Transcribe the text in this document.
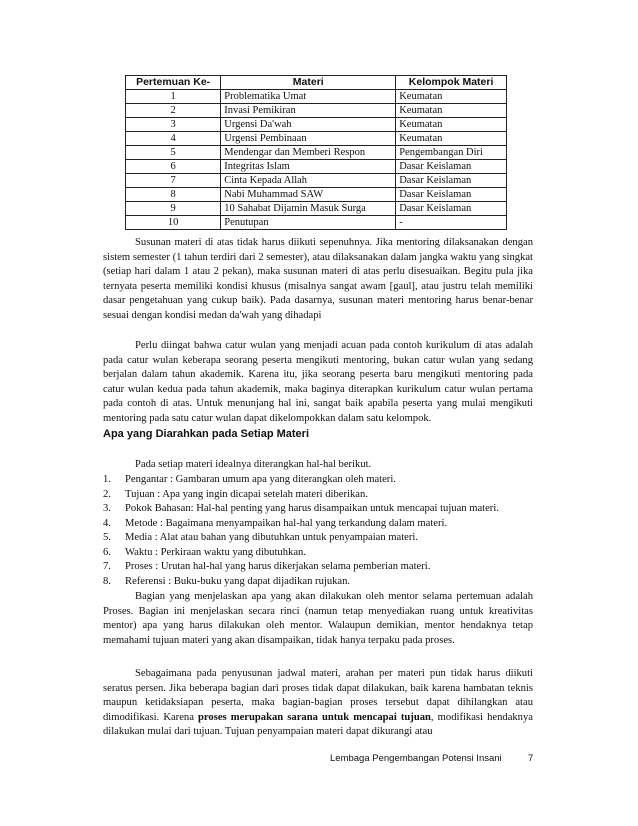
Pertemuan Ke-	Materi	Kelompok Materi
1	Problematika Umat	Keumatan
2	Invasi Pemikiran	Keumatan
3	Urgensi Da'wah	Keumatan
4	Urgensi Pembinaan	Keumatan
5	Mendengar dan Memberi Respon	Pengembangan Diri
6	Integritas Islam	Dasar Keislaman
7	Cinta Kepada Allah	Dasar Keislaman
8	Nabi Muhammad SAW	Dasar Keislaman
9	10 Sahabat Dijamin Masuk Surga	Dasar Keislaman
10	Penutupan	-

Susunan materi di atas tidak harus diikuti sepenuhnya. Jika mentoring dilaksanakan dengan sistem semester (1 tahun terdiri dari 2 semester), atau dilaksanakan dalam jangka waktu yang singkat (setiap hari dalam 1 atau 2 pekan), maka susunan materi di atas perlu disesuaikan. Begitu pula jika ternyata peserta memiliki kondisi khusus (misalnya sangat awam [gaul], atau justru telah memiliki dasar pengetahuan yang cukup baik). Pada dasarnya, susunan materi mentoring harus benar-benar sesuai dengan kondisi medan da'wah yang dihadapi

Perlu diingat bahwa catur wulan yang menjadi acuan pada contoh kurikulum di atas adalah pada catur wulan keberapa seorang peserta mengikuti mentoring, bukan catur wulan yang sedang berjalan dalam tahun akademik. Karena itu, jika seorang peserta baru mengikuti mentoring pada catur wulan kedua pada tahun akademik, maka baginya diterapkan kurikulum catur wulan pertama pada contoh di atas. Untuk menunjang hal ini, sangat baik apabila peserta yang mulai mengikuti mentoring pada satu catur wulan dapat dikelompokkan dalam satu kelompok.

Apa yang Diarahkan pada Setiap Materi

Pada setiap materi idealnya diterangkan hal-hal berikut.

1. Pengantar : Gambaran umum apa yang diterangkan oleh materi.
2. Tujuan : Apa yang ingin dicapai setelah materi diberikan.
3. Pokok Bahasan: Hal-hal penting yang harus disampaikan untuk mencapai tujuan materi.
4. Metode : Bagaimana menyampaikan hal-hal yang terkandung dalam materi.
5. Media : Alat atau bahan yang dibutuhkan untuk penyampaian materi.
6. Waktu : Perkiraan waktu yang dibutuhkan.
7. Proses : Urutan hal-hal yang harus dikerjakan selama pemberian materi.
8. Referensi : Buku-buku yang dapat dijadikan rujukan.

Bagian yang menjelaskan apa yang akan dilakukan oleh mentor selama pertemuan adalah Proses. Bagian ini menjelaskan secara rinci (namun tetap menyediakan ruang untuk kreativitas mentor) apa yang harus dilakukan oleh mentor. Walaupun demikian, mentor hendaknya tetap memahami tujuan materi yang akan disampaikan, tidak hanya terpaku pada proses.

Sebagaimana pada penyusunan jadwal materi, arahan per materi pun tidak harus diikuti seratus persen. Jika beberapa bagian dari proses tidak dapat dilakukan, baik karena hambatan teknis maupun ketidaksiapan peserta, maka bagian-bagian proses tersebut dapat dihilangkan atau dimodifikasi. Karena proses merupakan sarana untuk mencapai tujuan, modifikasi hendaknya dilakukan mulai dari tujuan. Tujuan penyampaian materi dapat dikurangi atau

Lembaga Pengembangan Potensi Insani	7
